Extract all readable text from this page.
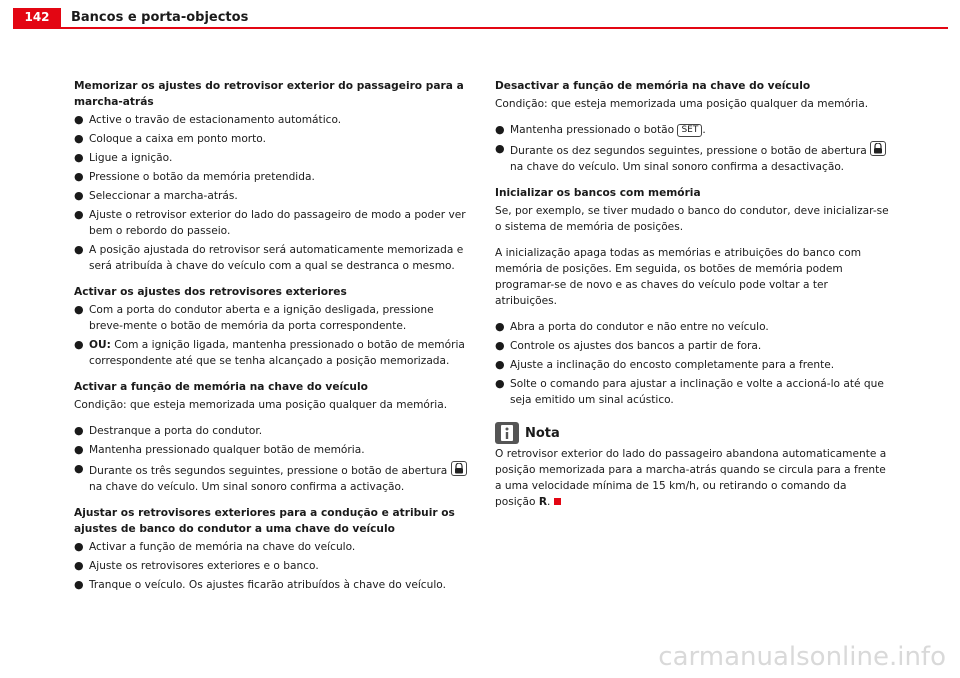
142	Bancos e porta-objectos
Memorizar os ajustes do retrovisor exterior do passageiro para a marcha-atrás
● Active o travão de estacionamento automático.
● Coloque a caixa em ponto morto.
● Ligue a ignição.
● Pressione o botão da memória pretendida.
● Seleccionar a marcha-atrás.
● Ajuste o retrovisor exterior do lado do passageiro de modo a poder ver bem o rebordo do passeio.
● A posição ajustada do retrovisor será automaticamente memorizada e será atribuída à chave do veículo com a qual se destranca o mesmo.
Activar os ajustes dos retrovisores exteriores
● Com a porta do condutor aberta e a ignição desligada, pressione breve-mente o botão de memória da porta correspondente.
● OU: Com a ignição ligada, mantenha pressionado o botão de memória correspondente até que se tenha alcançado a posição memorizada.
Activar a função de memória na chave do veículo

Condição: que esteja memorizada uma posição qualquer da memória.

● Destranque a porta do condutor.
● Mantenha pressionado qualquer botão de memória.
● Durante os três segundos seguintes, pressione o botão de abertura
na chave do veículo. Um sinal sonoro confirma a activação.
Ajustar os retrovisores exteriores para a condução e atribuir os ajustes de banco do condutor a uma chave do veículo
● Activar a função de memória na chave do veículo.
● Ajuste os retrovisores exteriores e o banco.
● Tranque o veículo. Os ajustes ficarão atribuídos à chave do veículo.
Desactivar a função de memória na chave do veículo

Condição: que esteja memorizada uma posição qualquer da memória.

● Mantenha pressionado o botão SET .
● Durante os dez segundos seguintes, pressione o botão de abertura
na chave do veículo. Um sinal sonoro confirma a desactivação.
Inicializar os bancos com memória

Se, por exemplo, se tiver mudado o banco do condutor, deve inicializar-se o sistema de memória de posições.

A inicialização apaga todas as memórias e atribuições do banco com memória de posições. Em seguida, os botões de memória podem programar-se de novo e as chaves do veículo pode voltar a ter atribuições.

● Abra a porta do condutor e não entre no veículo.
● Controle os ajustes dos bancos a partir de fora.
● Ajuste a inclinação do encosto completamente para a frente.
● Solte o comando para ajustar a inclinação e volte a accioná-lo até que seja emitido um sinal acústico.
Nota

O retrovisor exterior do lado do passageiro abandona automaticamente a posição memorizada para a marcha-atrás quando se circula para a frente a uma velocidade mínima de 15 km/h, ou retirando o comando da posição R.

carmanualsonline.info
